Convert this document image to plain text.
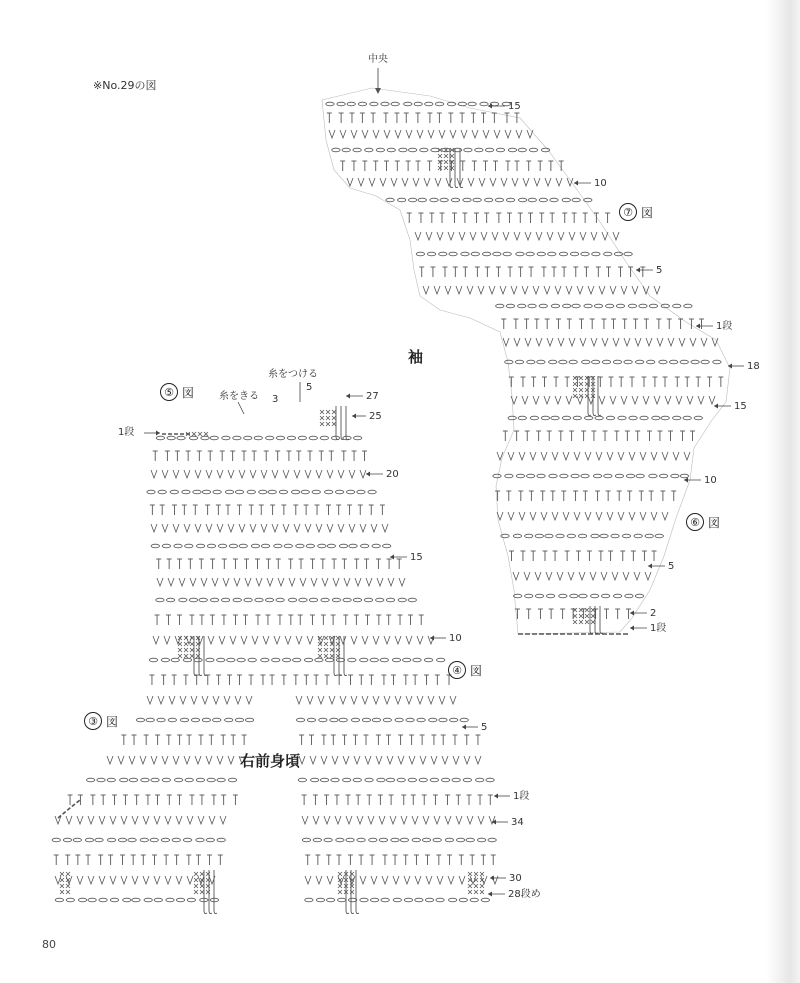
※No.29の図
袖
右前身頃
⑦ 図
⑥ 図
⑤ 図
④ 図
③ 図
中央
15
10
5
1段
18
15
10
5
2
1段
糸をつける
糸をきる 3
5
27
25
1段
20
15
10
5
1段
34
30
28段め
80
